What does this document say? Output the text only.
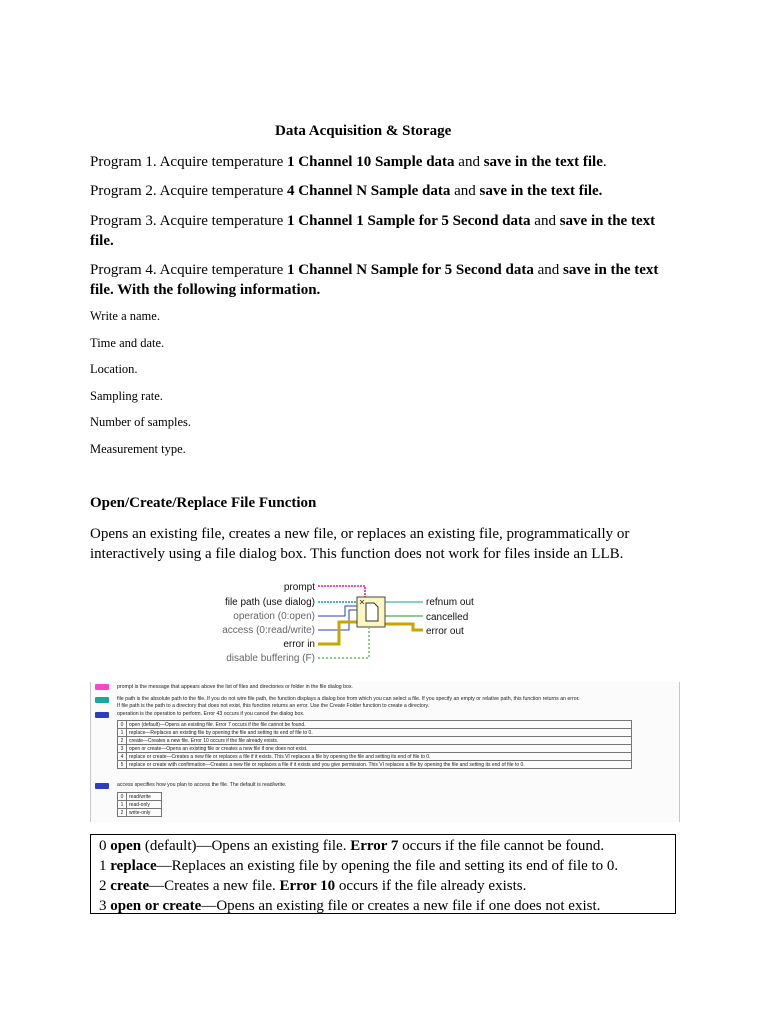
Data Acquisition & Storage
Program 1. Acquire temperature 1 Channel 10 Sample data and save in the text file.
Program 2. Acquire temperature 4 Channel N Sample data and save in the text file.
Program 3. Acquire temperature 1 Channel 1 Sample for 5 Second data and save in the text file.
Program 4. Acquire temperature 1 Channel N Sample for 5 Second data and save in the text file. With the following information.
Write a name.
Time and date.
Location.
Sampling rate.
Number of samples.
Measurement type.
Open/Create/Replace File Function
Opens an existing file, creates a new file, or replaces an existing file, programmatically or interactively using a file dialog box. This function does not work for files inside an LLB.
prompt
file path (use dialog)
operation (0:open)
access (0:read/write)
error in
disable buffering (F)
refnum out
cancelled
error out
prompt is the message that appears above the list of files and directories or folder in the file dialog box.
file path is the absolute path to the file. If you do not wire file path, the function displays a dialog box from which you can select a file. If you specify an empty or relative path, this function returns an error.
If file path is the path to a directory that does not exist, this function returns an error. Use the Create Folder function to create a directory.
operation is the operation to perform. Error 43 occurs if you cancel the dialog box.
0	open (default)—Opens an existing file. Error 7 occurs if the file cannot be found.
1	replace—Replaces an existing file by opening the file and setting its end of file to 0.
2	create—Creates a new file. Error 10 occurs if the file already exists.
3	open or create—Opens an existing file or creates a new file if one does not exist.
4	replace or create—Creates a new file or replaces a file if it exists. This VI replaces a file by opening the file and setting its end of file to 0.
5	replace or create with confirmation—Creates a new file or replaces a file if it exists and you give permission. This VI replaces a file by opening the file and setting its end of file to 0.
access specifies how you plan to access the file. The default is read/write.
0	read/write
1	read-only
2	write-only
0 open (default)—Opens an existing file. Error 7 occurs if the file cannot be found.
1 replace—Replaces an existing file by opening the file and setting its end of file to 0.
2 create—Creates a new file. Error 10 occurs if the file already exists.
3 open or create—Opens an existing file or creates a new file if one does not exist.
